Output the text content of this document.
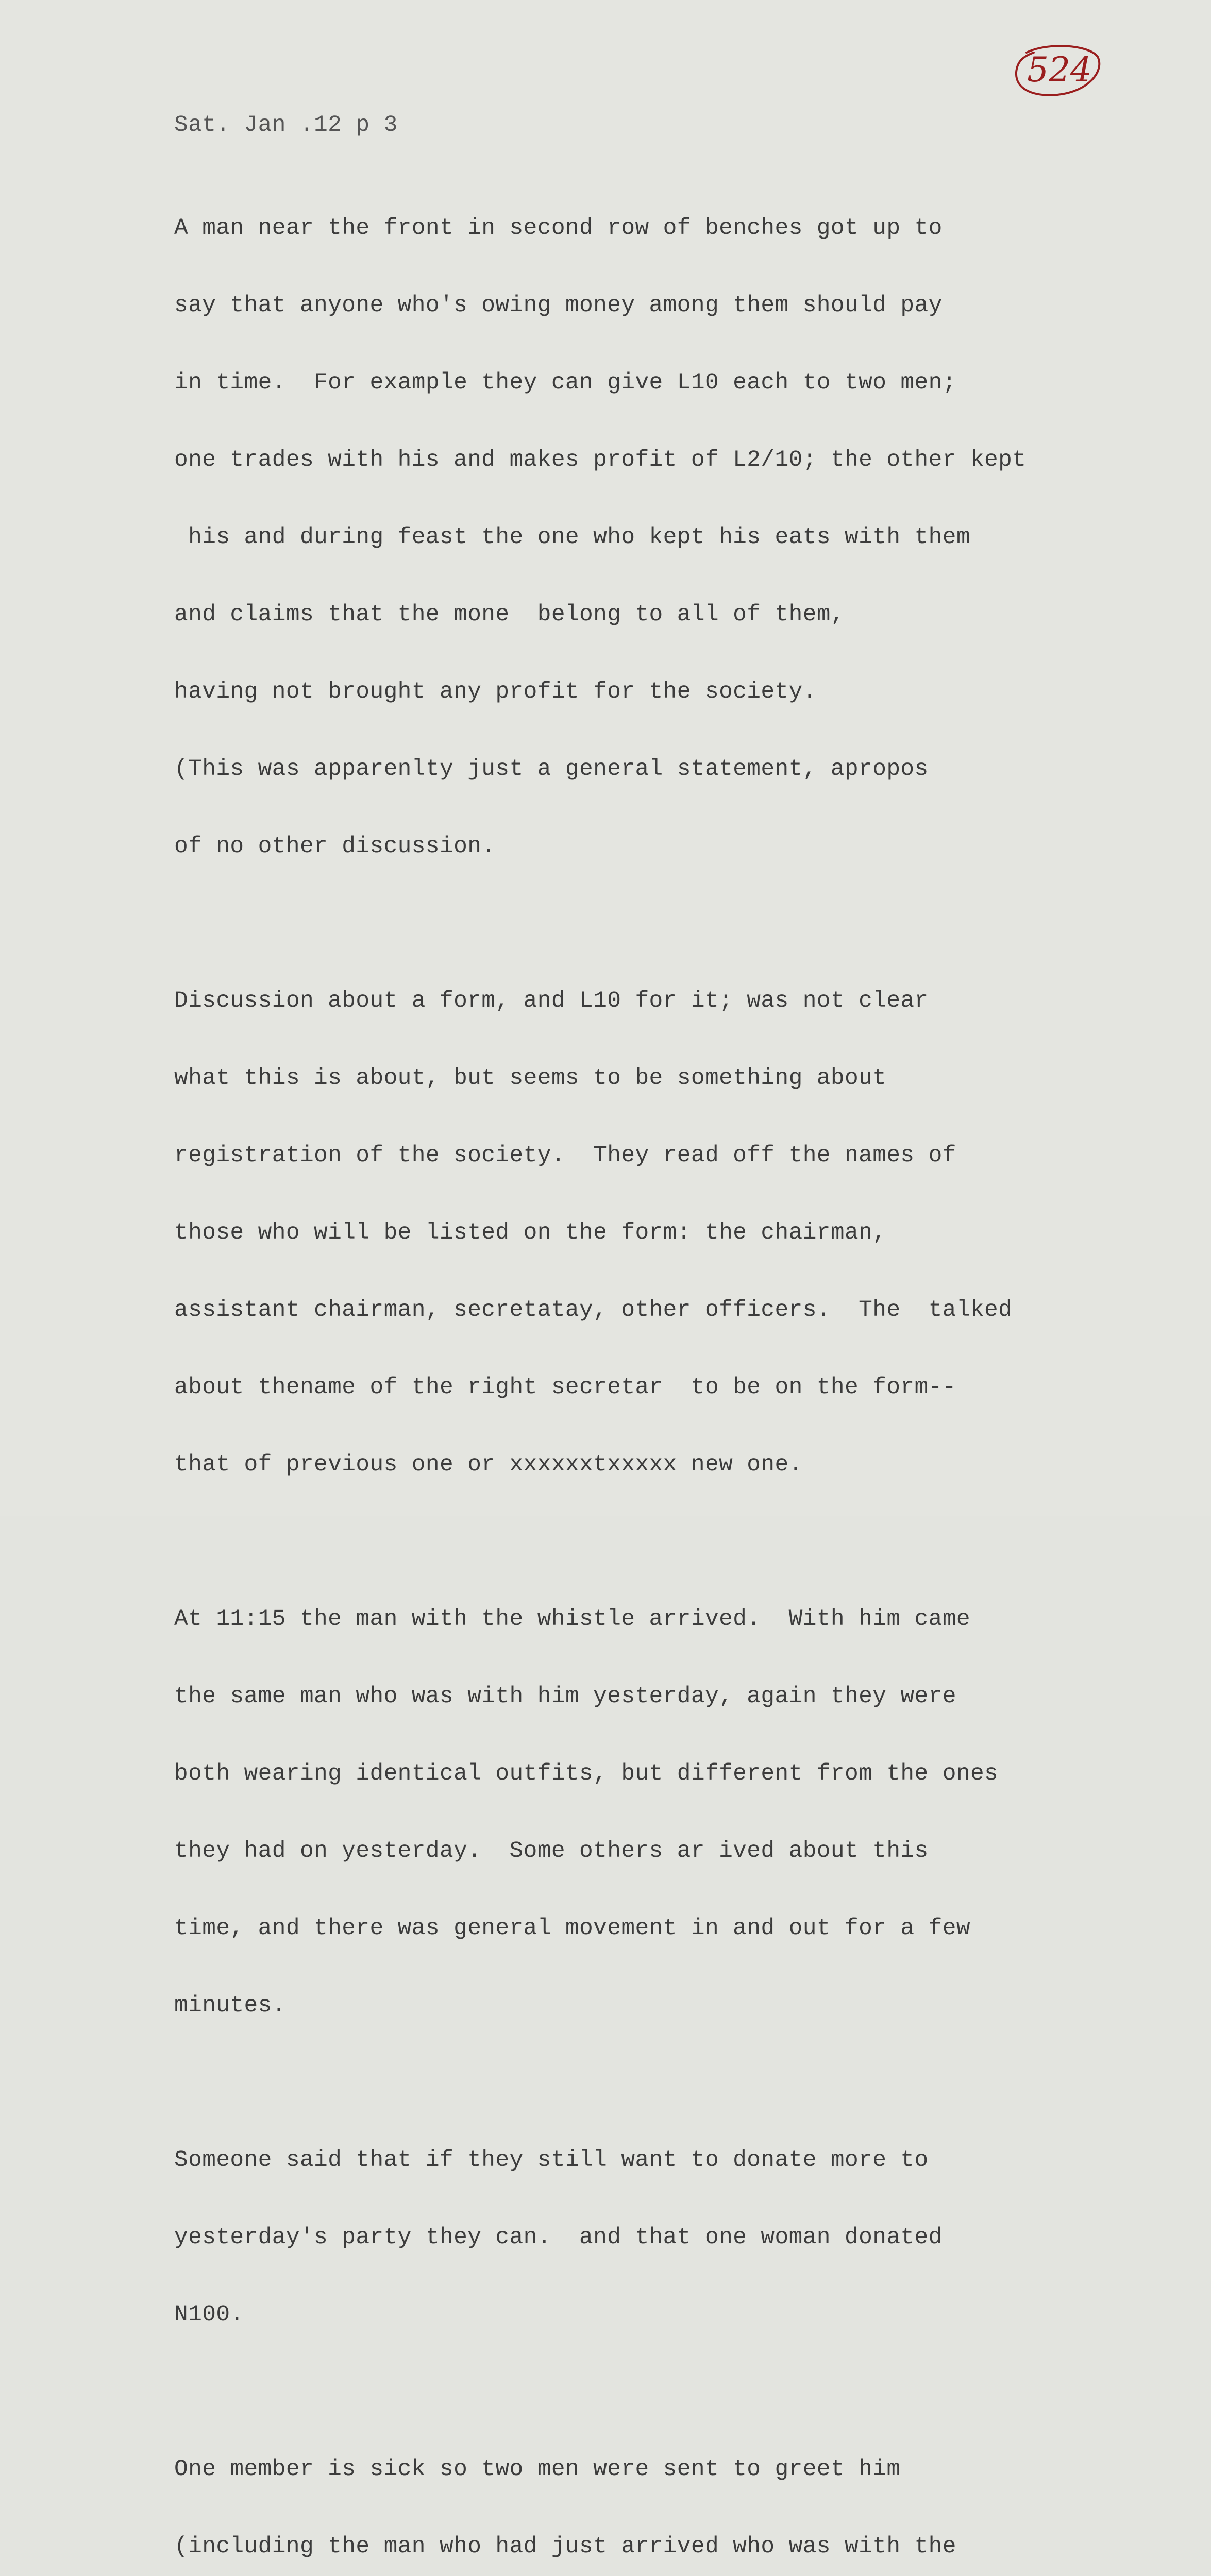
524
Sat. Jan .12 p 3

A man near the front in second row of benches got up to

say that anyone who's owing money among them should pay

in time.  For example they can give L10 each to two men;

one trades with his and makes profit of L2/10; the other kept

his and during feast the one who kept his eats with them

and claims that the mone  belong to all of them,

having not brought any profit for the society.

(This was apparenlty just a general statement, apropos

of no other discussion.

Discussion about a form, and L10 for it; was not clear

what this is about, but seems to be something about

registration of the society.  They read off the names of

those who will be listed on the form: the chairman,

assistant chairman, secretatay, other officers.  The  talked

about thename of the right secretar  to be on the form--

that of previous one or xxxxxxtxxxxx new one.

At 11:15 the man with the whistle arrived.  With him came

the same man who was with him yesterday, again they were

both wearing identical outfits, but different from the ones

they had on yesterday.  Some others ar ived about this

time, and there was general movement in and out for a few

minutes.

Someone said that if they still want to donate more to

yesterday's party they can.  and that one woman donated

N100.

One member is sick so two men were sent to greet him

(including the man who had just arrived who was with the
